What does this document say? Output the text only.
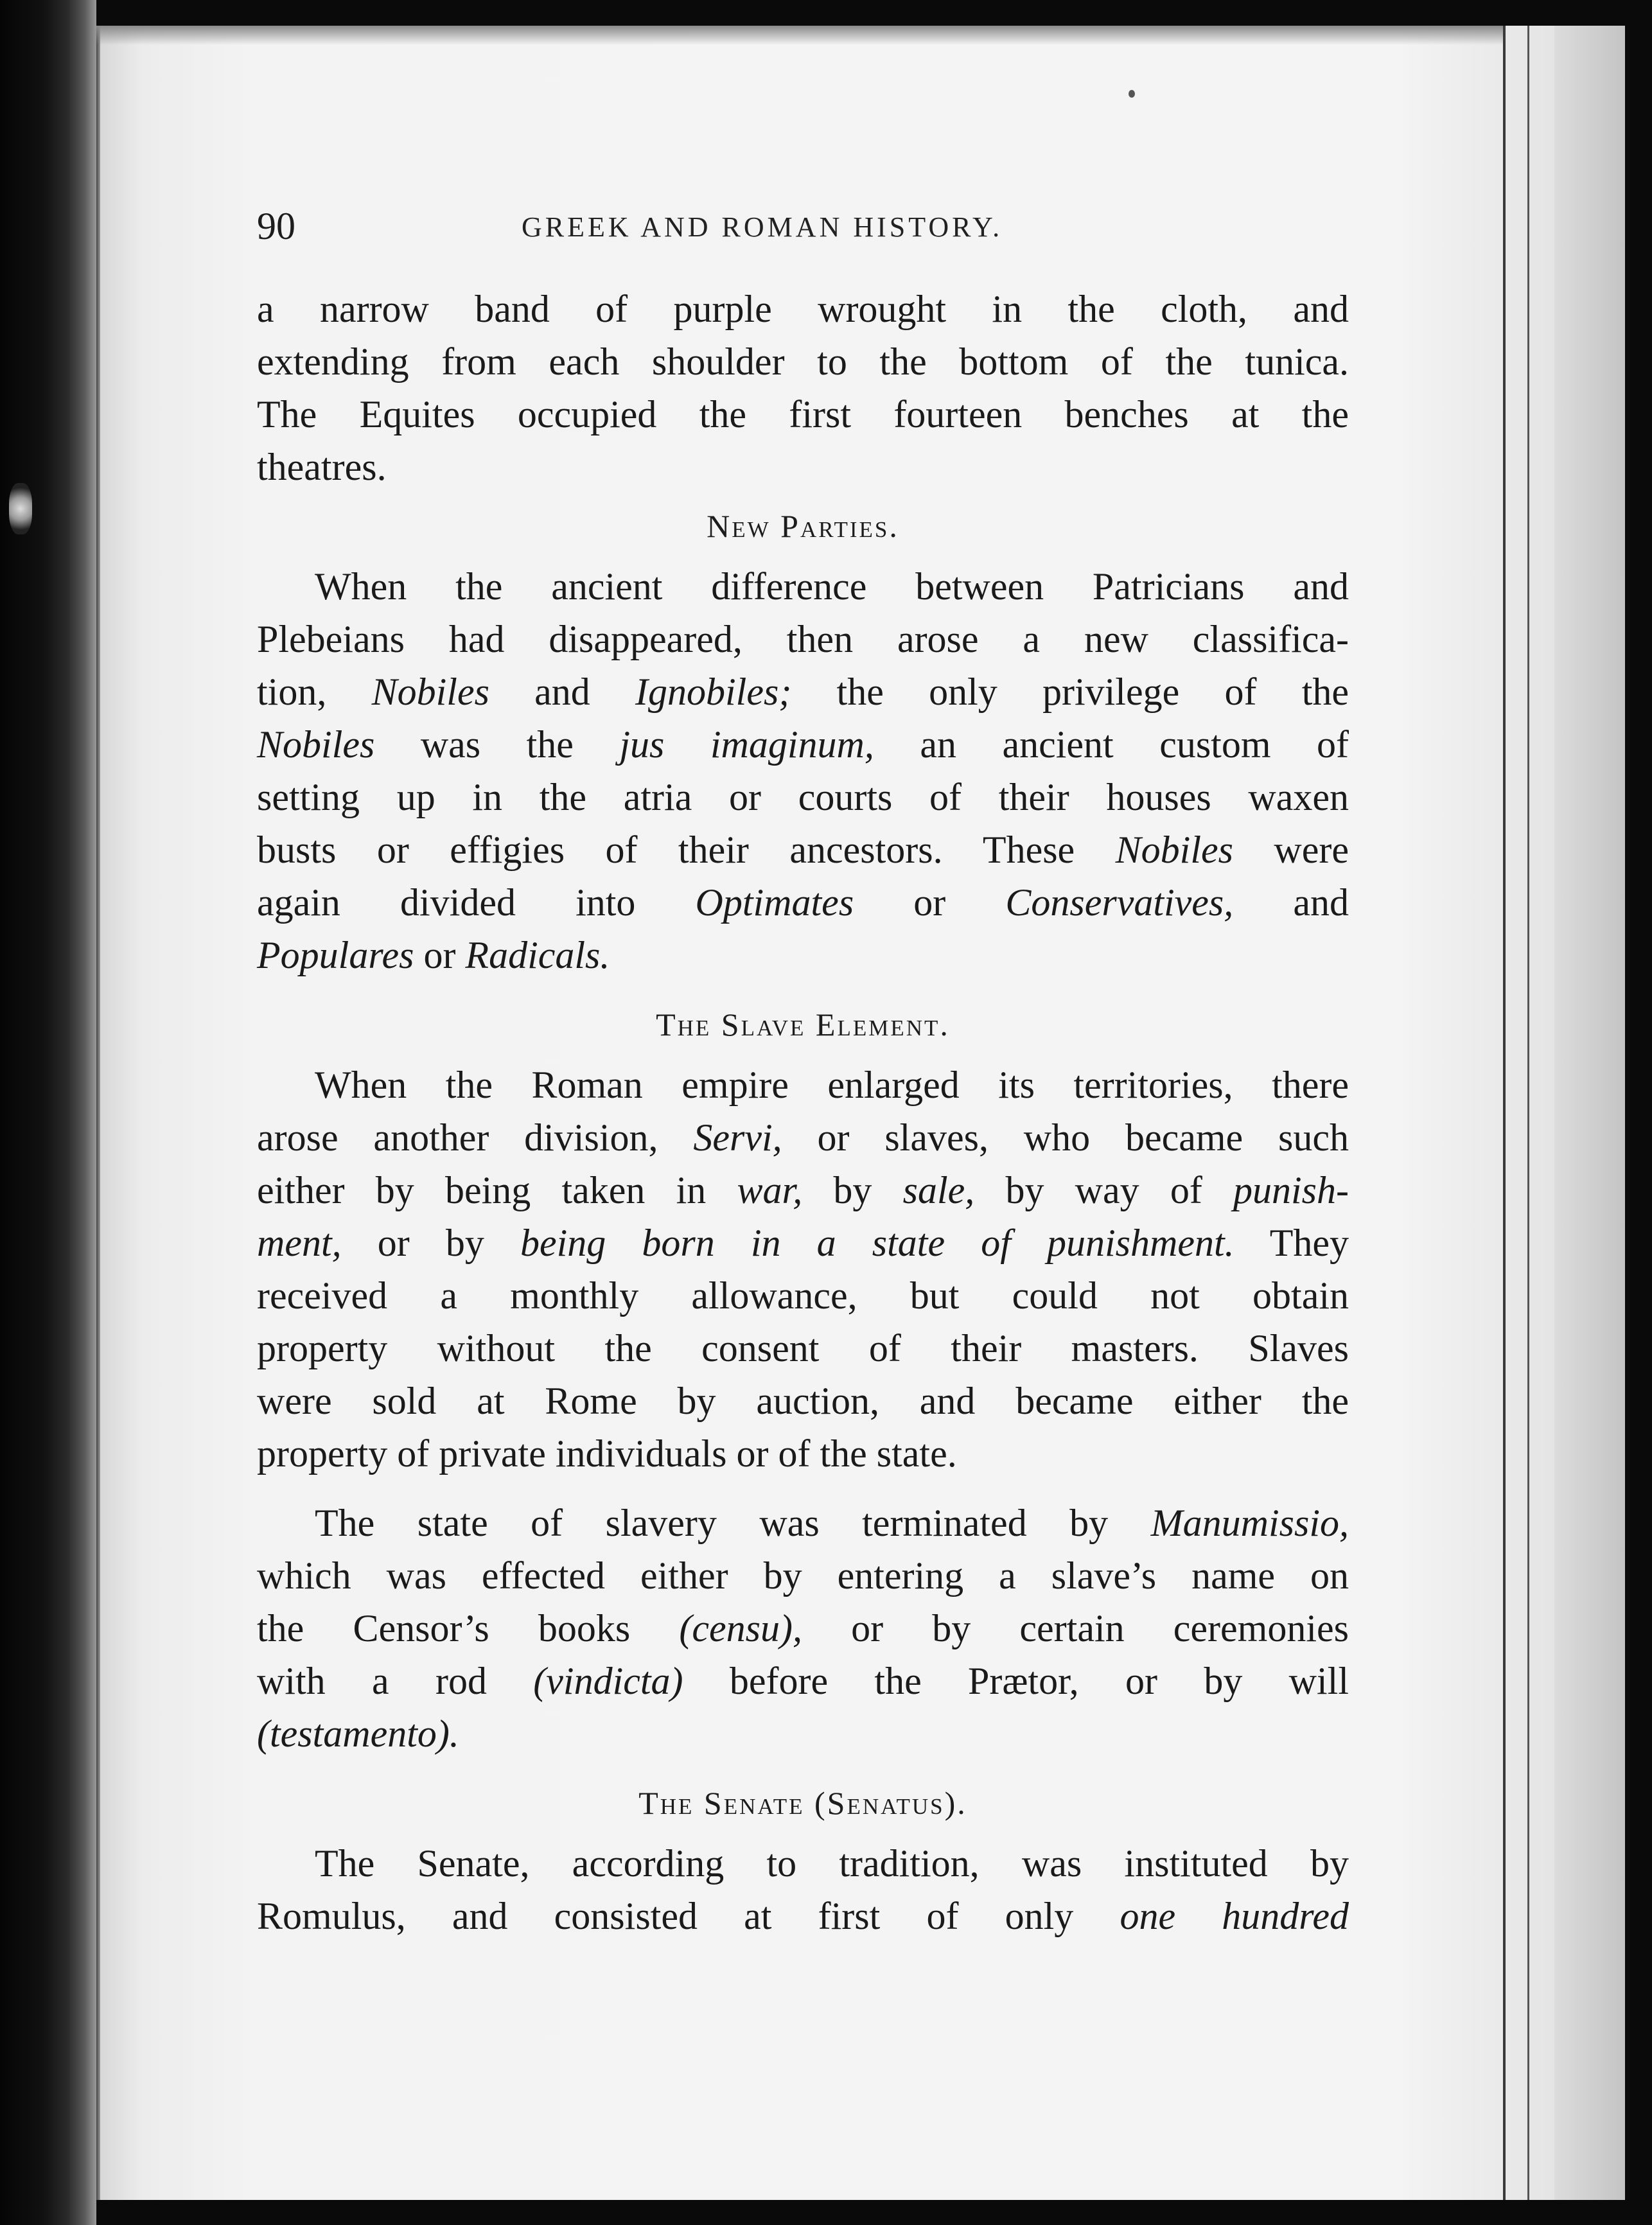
90	GREEK AND ROMAN HISTORY.

a narrow band of purple wrought in the cloth, and
extending from each shoulder to the bottom of the tunica.
The Equites occupied the first fourteen benches at the
theatres.

New Parties.

When the ancient difference between Patricians and
Plebeians had disappeared, then arose a new classifica-
tion, Nobiles and Ignobiles; the only privilege of the
Nobiles was the jus imaginum, an ancient custom of
setting up in the atria or courts of their houses waxen
busts or effigies of their ancestors. These Nobiles were
again divided into Optimates or Conservatives, and
Populares or Radicals.

The Slave Element.

When the Roman empire enlarged its territories, there
arose another division, Servi, or slaves, who became such
either by being taken in war, by sale, by way of punish-
ment, or by being born in a state of punishment. They
received a monthly allowance, but could not obtain
property without the consent of their masters. Slaves
were sold at Rome by auction, and became either the
property of private individuals or of the state.

The state of slavery was terminated by Manumissio,
which was effected either by entering a slave’s name on
the Censor’s books (censu), or by certain ceremonies
with a rod (vindicta) before the Prætor, or by will
(testamento).

The Senate (Senatus).

The Senate, according to tradition, was instituted by
Romulus, and consisted at first of only one hundred
